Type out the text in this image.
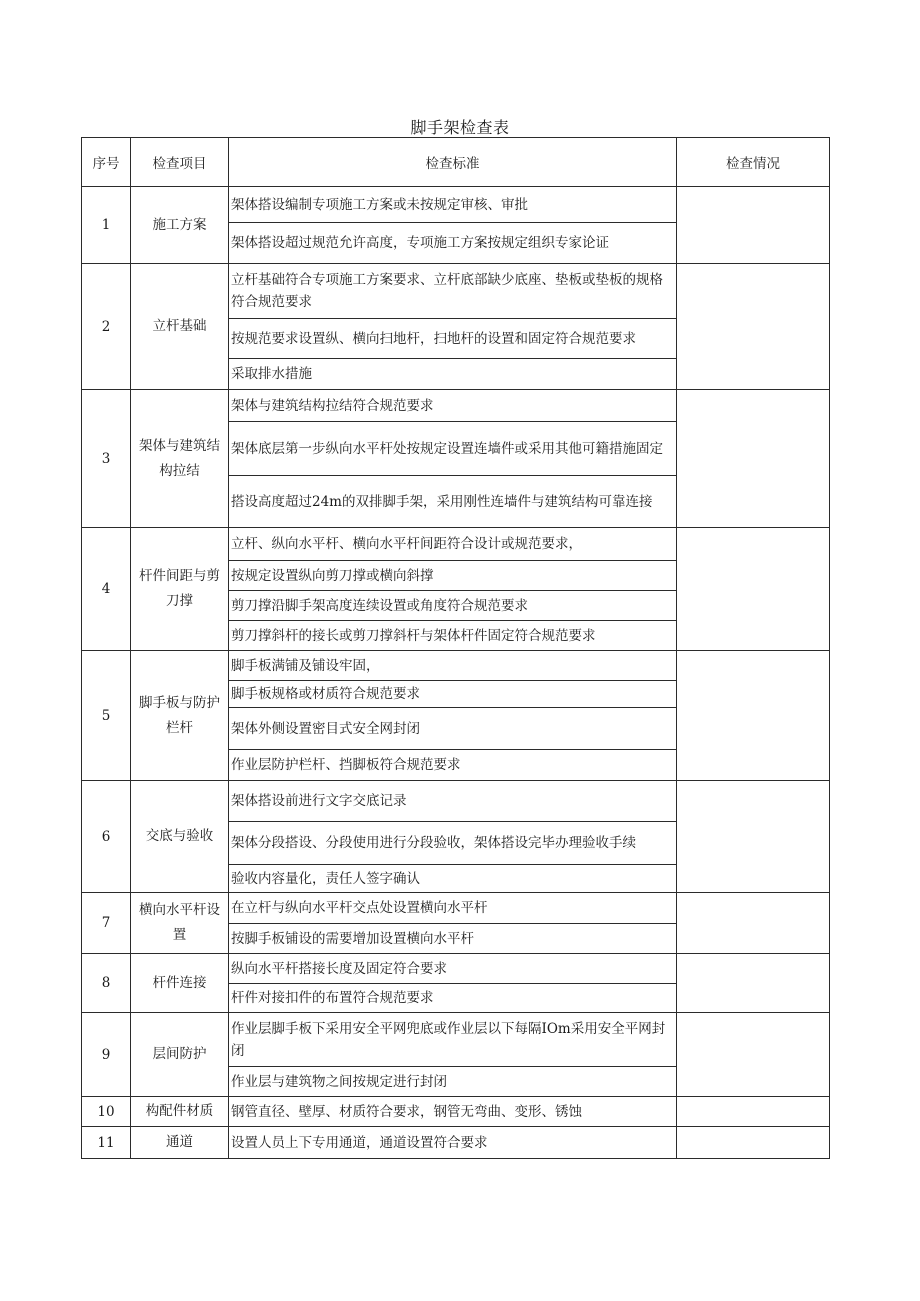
脚手架检查表
序号	检查项目	检查标准	检查情况
1	施工方案	架体搭设编制专项施工方案或未按规定审核、审批	
		架体搭设超过规范允许高度，专项施工方案按规定组织专家论证	
2	立杆基础	立杆基础符合专项施工方案要求、立杆底部缺少底座、垫板或垫板的规格符合规范要求	
		按规范要求设置纵、横向扫地杆，扫地杆的设置和固定符合规范要求	
		采取排水措施	
3	架体与建筑结构拉结	架体与建筑结构拉结符合规范要求	
		架体底层第一步纵向水平杆处按规定设置连墙件或采用其他可籍措施固定	
		搭设高度超过24m的双排脚手架，采用刚性连墙件与建筑结构可靠连接	
4	杆件间距与剪刀撑	立杆、纵向水平杆、横向水平杆间距符合设计或规范要求，	
		按规定设置纵向剪刀撑或横向斜撑	
		剪刀撑沿脚手架高度连续设置或角度符合规范要求	
		剪刀撑斜杆的接长或剪刀撑斜杆与架体杆件固定符合规范要求	
5	脚手板与防护栏杆	脚手板满铺及铺设牢固，	
		脚手板规格或材质符合规范要求	
		架体外侧设置密目式安全网封闭	
		作业层防护栏杆、挡脚板符合规范要求	
6	交底与验收	架体搭设前进行文字交底记录	
		架体分段搭设、分段使用进行分段验收，架体搭设完毕办理验收手续	
		验收内容量化，责任人签字确认	
7	横向水平杆设置	在立杆与纵向水平杆交点处设置横向水平杆	
		按脚手板铺设的需要增加设置横向水平杆	
8	杆件连接	纵向水平杆搭接长度及固定符合要求	
		杆件对接扣件的布置符合规范要求	
9	层间防护	作业层脚手板下采用安全平网兜底或作业层以下每隔IOm采用安全平网封闭	
		作业层与建筑物之间按规定进行封闭	
10	构配件材质	钢管直径、壁厚、材质符合要求，钢管无弯曲、变形、锈蚀	
11	通道	设置人员上下专用通道，通道设置符合要求	
